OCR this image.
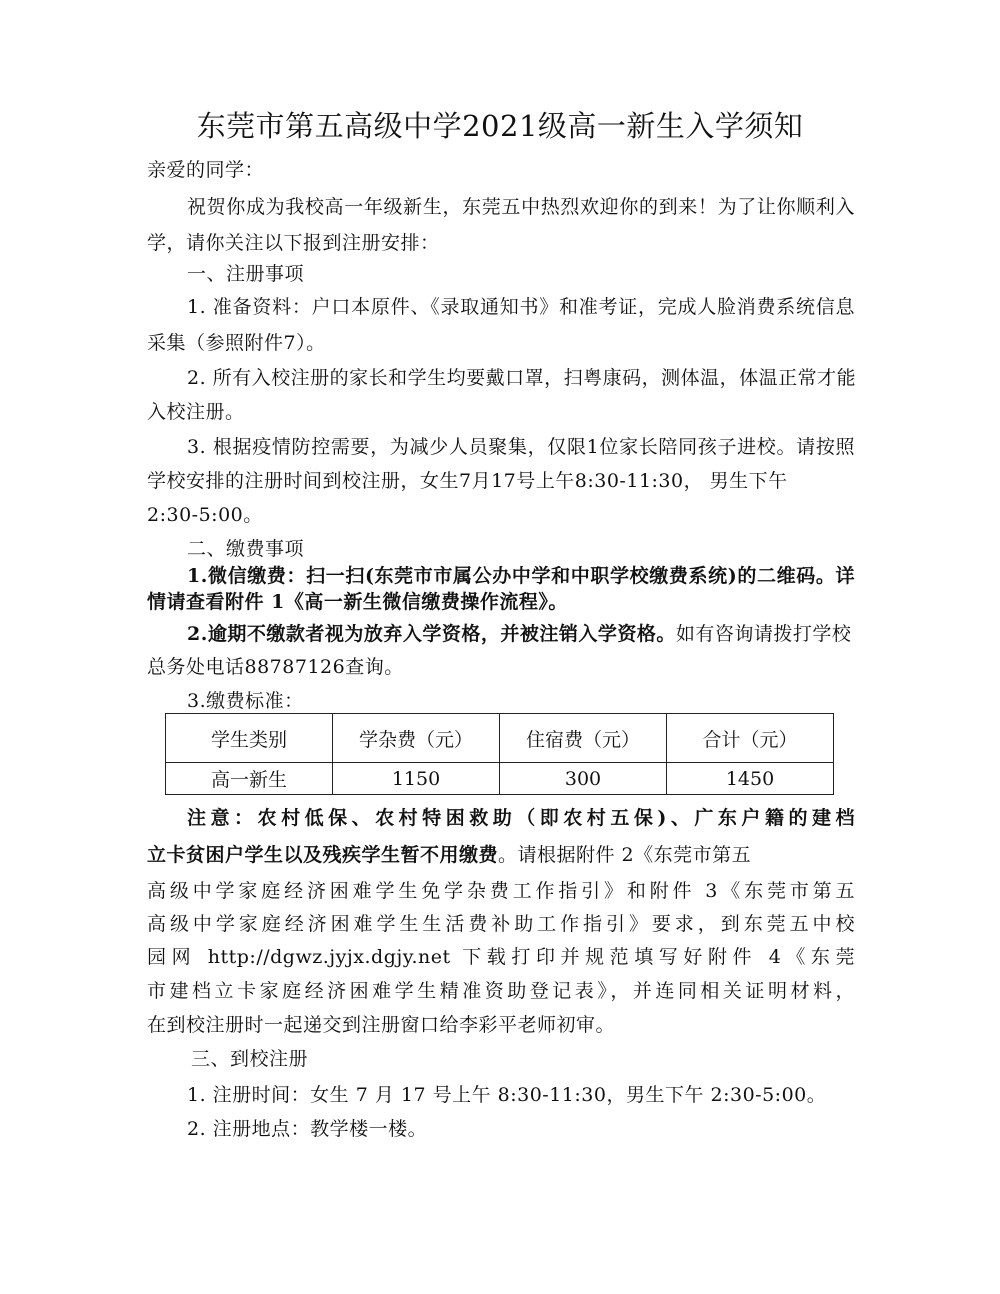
东莞市第五高级中学2021级高一新生入学须知
亲爱的同学：
祝贺你成为我校高一年级新生，东莞五中热烈欢迎你的到来！为了让你顺利入
学，请你关注以下报到注册安排：
一、注册事项
1. 准备资料：户口本原件、《录取通知书》和准考证，完成人脸消费系统信息
采集（参照附件7）。
2. 所有入校注册的家长和学生均要戴口罩，扫粤康码，测体温，体温正常才能
入校注册。
3. 根据疫情防控需要，为减少人员聚集，仅限1位家长陪同孩子进校。请按照
学校安排的注册时间到校注册，女生7月17号上午8:30-11:30， 男生下午
2:30-5:00。
二、缴费事项
1.微信缴费：扫一扫(东莞市市属公办中学和中职学校缴费系统)的二维码。详
情请查看附件 1《高一新生微信缴费操作流程》。
2.逾期不缴款者视为放弃入学资格，并被注销入学资格。如有咨询请拨打学校
总务处电话88787126查询。
3.缴费标准：
学生类别	学杂费（元）	住宿费（元）	合计（元）
高一新生	1150	300	1450
注意：农村低保、农村特困救助（即农村五保)、广东户籍的建档
立卡贫困户学生以及残疾学生暂不用缴费。请根据附件 2《东莞市第五
高级中学家庭经济困难学生免学杂费工作指引》和附件 3《东莞市第五
高级中学家庭经济困难学生生活费补助工作指引》要求，到东莞五中校
园网 http://dgwz.jyjx.dgjy.net 下载打印并规范填写好附件 4《东莞
市建档立卡家庭经济困难学生精准资助登记表》，并连同相关证明材料，
在到校注册时一起递交到注册窗口给李彩平老师初审。
三、到校注册
1. 注册时间：女生 7 月 17 号上午 8:30-11:30，男生下午 2:30-5:00。
2. 注册地点：教学楼一楼。
